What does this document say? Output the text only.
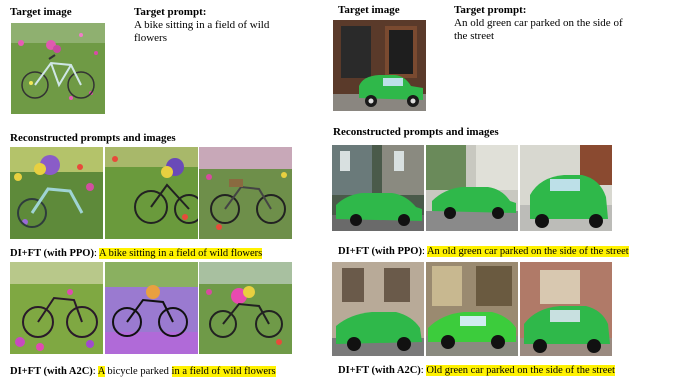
Target image	Target prompt:
A bike sitting in a field of wild flowers
Reconstructed prompts and images
DI+FT (with PPO): A bike sitting in a field of wild flowers
DI+FT (with A2C): A bicycle parked in a field of wild flowers
Target image	Target prompt:
An old green car parked on the side of the street
Reconstructed prompts and images
DI+FT (with PPO): An old green car parked on the side of the street
DI+FT (with A2C): Old green car parked on the side of the street
